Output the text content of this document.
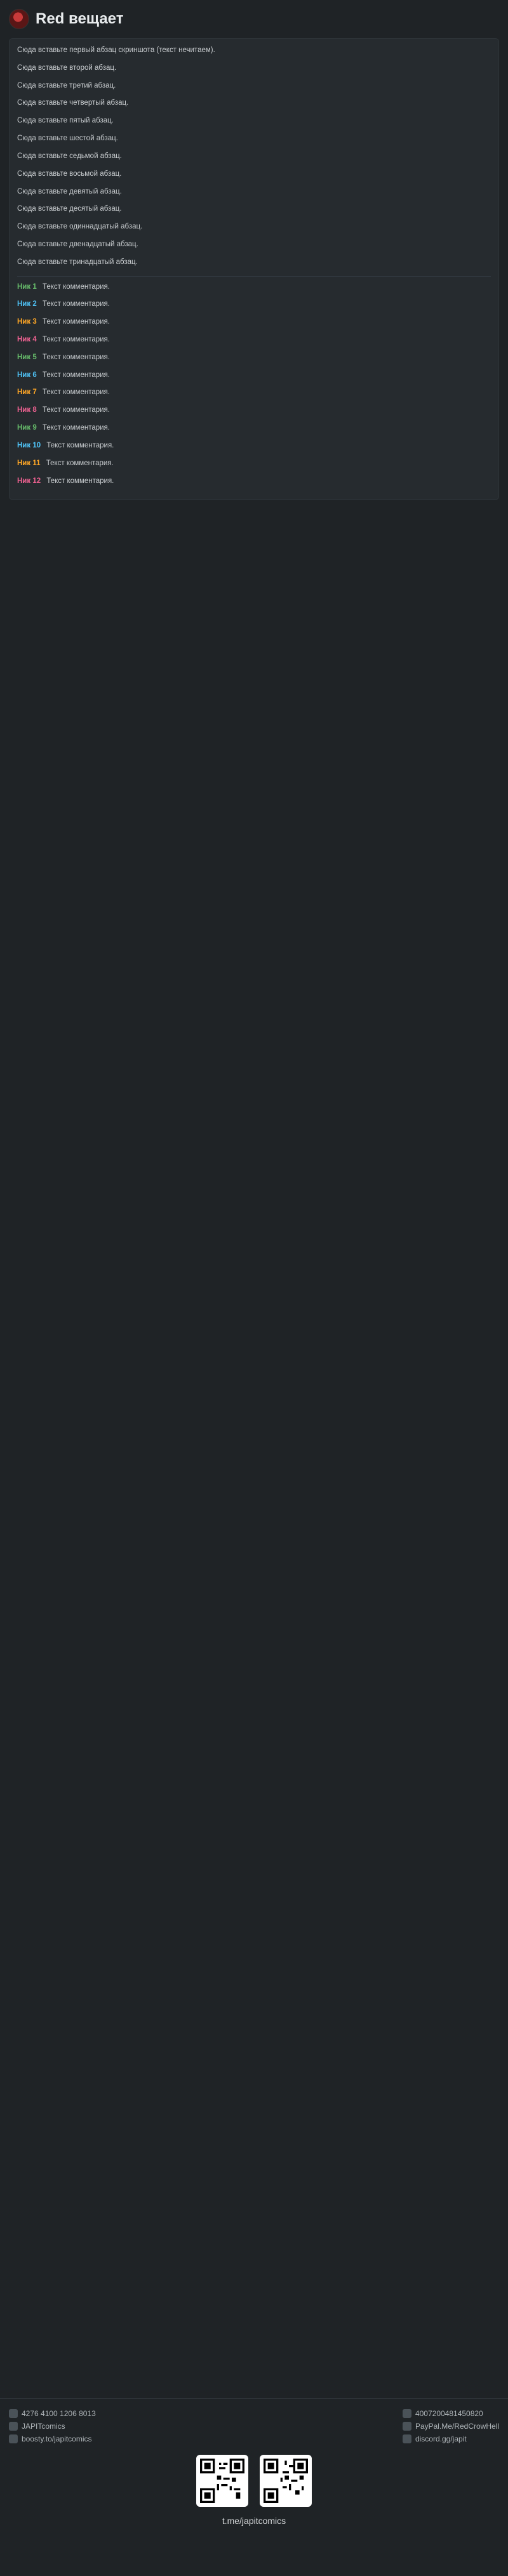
Red вещает

Сюда вставьте первый абзац скриншота (текст нечитаем).

Сюда вставьте второй абзац.

Сюда вставьте третий абзац.

Сюда вставьте четвертый абзац.

Сюда вставьте пятый абзац.

Сюда вставьте шестой абзац.

Сюда вставьте седьмой абзац.

Сюда вставьте восьмой абзац.

Сюда вставьте девятый абзац.

Сюда вставьте десятый абзац.

Сюда вставьте одиннадцатый абзац.

Сюда вставьте двенадцатый абзац.

Сюда вставьте тринадцатый абзац.

Ник 1 Текст комментария.
Ник 2 Текст комментария.
Ник 3 Текст комментария.
Ник 4 Текст комментария.
Ник 5 Текст комментария.
Ник 6 Текст комментария.
Ник 7 Текст комментария.
Ник 8 Текст комментария.
Ник 9 Текст комментария.
Ник 10 Текст комментария.
Ник 11 Текст комментария.
Ник 12 Текст комментария.
4276 4100 1206 8013
JAPITcomics
boosty.to/japitcomics
4007200481450820
PayPal.Me/RedCrowHell
discord.gg/japit
t.me/japitcomics
